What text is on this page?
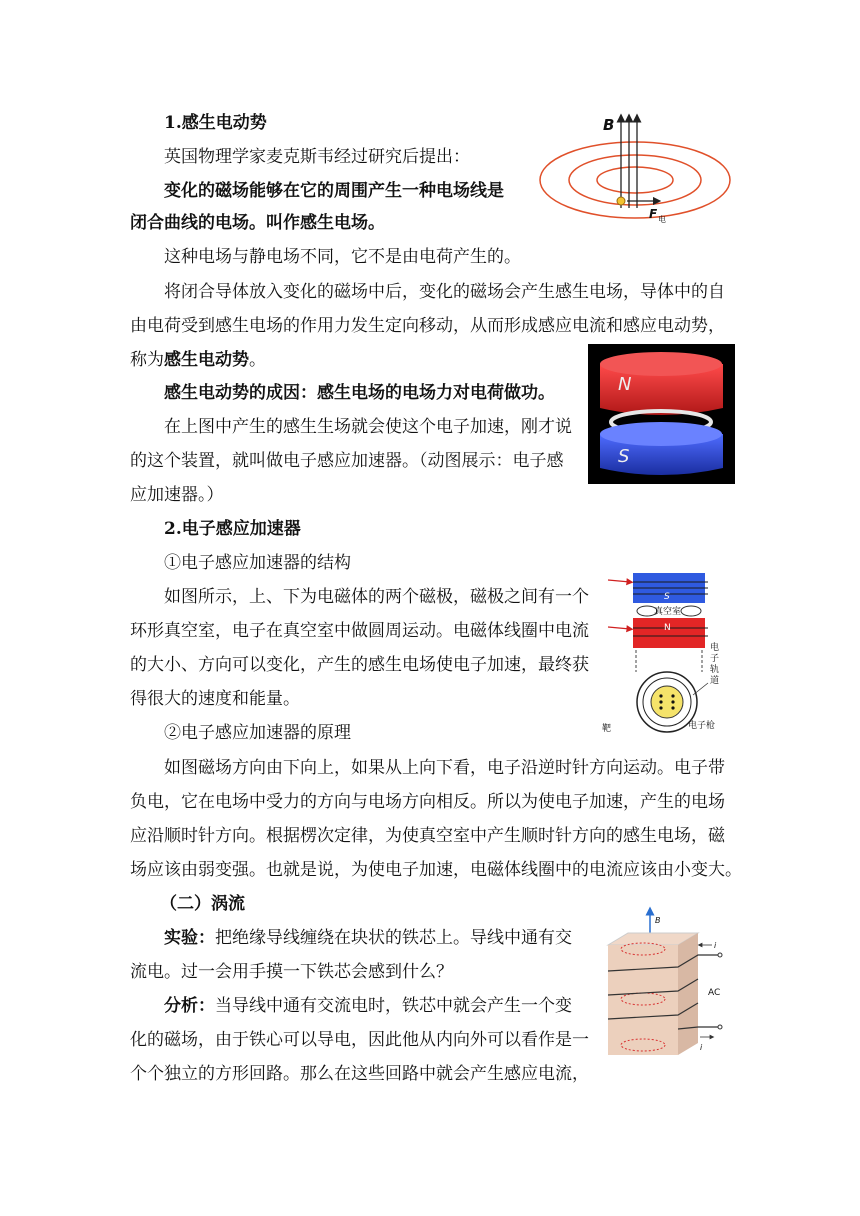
1.感生电动势
英国物理学家麦克斯韦经过研究后提出：
变化的磁场能够在它的周围产生一种电场线是
闭合曲线的电场。叫作感生电场。
这种电场与静电场不同，它不是由电荷产生的。
将闭合导体放入变化的磁场中后，变化的磁场会产生感生电场，导体中的自
由电荷受到感生电场的作用力发生定向移动，从而形成感应电流和感应电动势，
称为感生电动势。
感生电动势的成因：感生电场的电场力对电荷做功。
在上图中产生的感生生场就会使这个电子加速，刚才说
的这个装置，就叫做电子感应加速器。（动图展示：电子感
应加速器。）
2.电子感应加速器
①电子感应加速器的结构
如图所示，上、下为电磁体的两个磁极，磁极之间有一个
环形真空室，电子在真空室中做圆周运动。电磁体线圈中电流
的大小、方向可以变化，产生的感生电场使电子加速，最终获
得很大的速度和能量。
②电子感应加速器的原理
如图磁场方向由下向上，如果从上向下看，电子沿逆时针方向运动。电子带
负电，它在电场中受力的方向与电场方向相反。所以为使电子加速，产生的电场
应沿顺时针方向。根据楞次定律，为使真空室中产生顺时针方向的感生电场，磁
场应该由弱变强。也就是说，为使电子加速，电磁体线圈中的电流应该由小变大。
（二）涡流
实验：把绝缘导线缠绕在块状的铁芯上。导线中通有交
流电。过一会用手摸一下铁芯会感到什么？
分析：当导线中通有交流电时，铁芯中就会产生一个变
化的磁场，由于铁心可以导电，因此他从内向外可以看作是一
个个独立的方形回路。那么在这些回路中就会产生感应电流，
B
F 电
N
S
S
真空室
N
电子轨道
靶	电子枪
B
i
i
AC
